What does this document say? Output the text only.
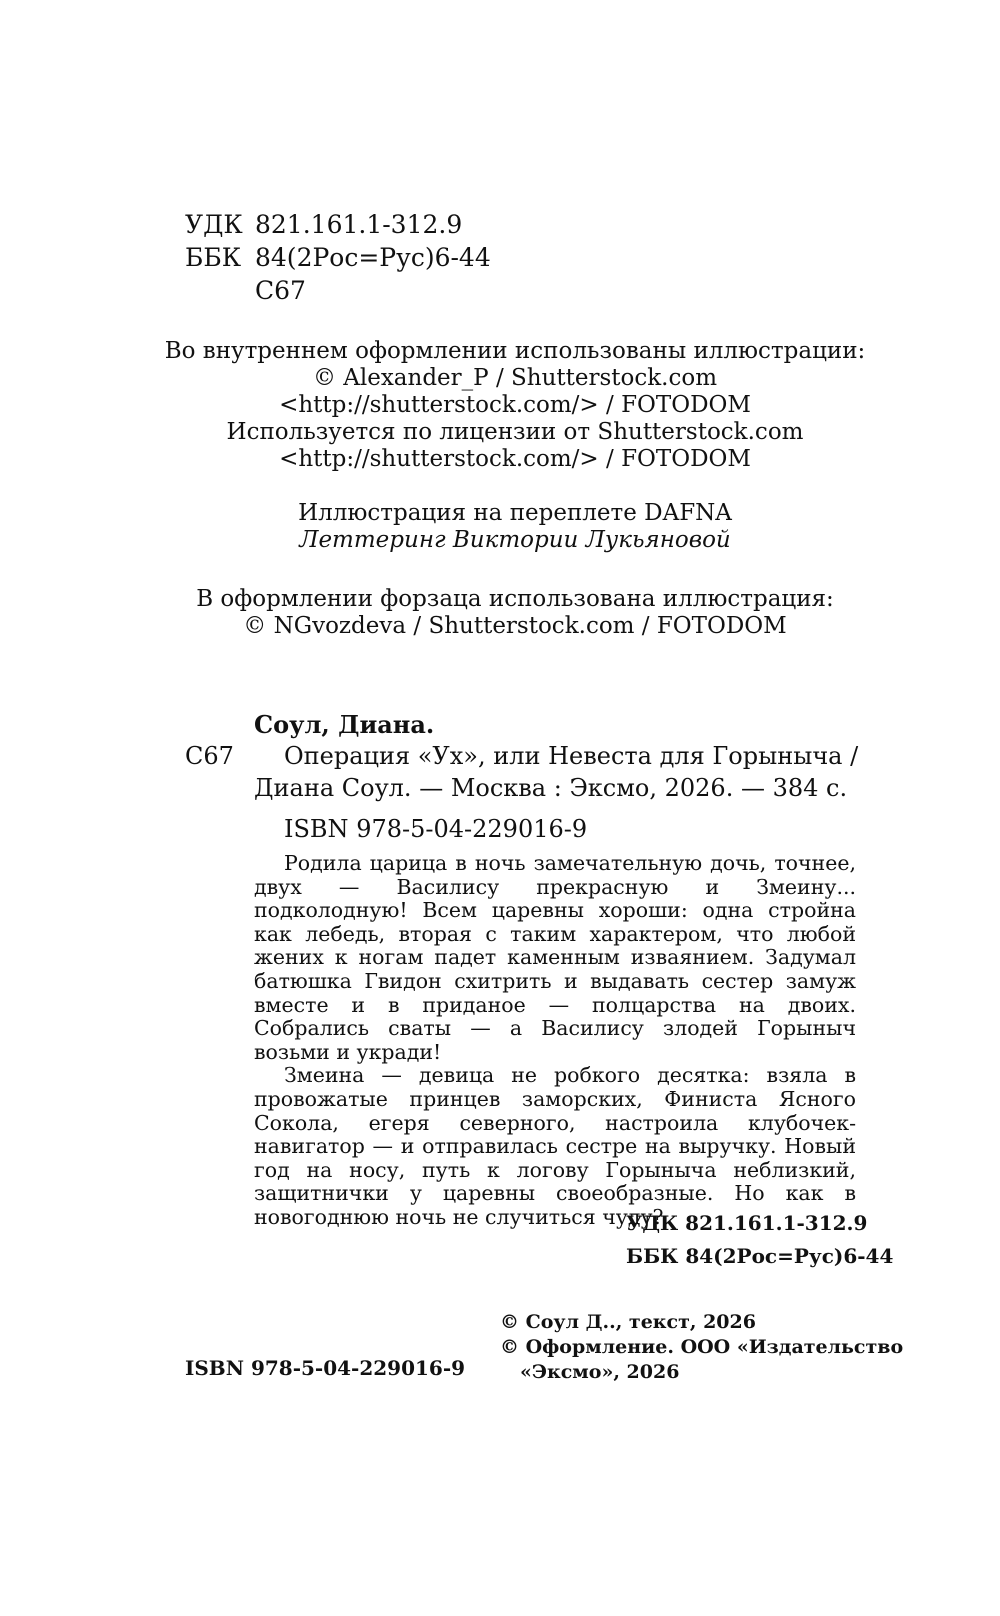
УДК 821.161.1-312.9
ББК 84(2Рос=Рус)6-44
С67
Во внутреннем оформлении использованы иллюстрации:
© Alexander_P / Shutterstock.com
<http://shutterstock.com/> / FOTODOM
Используется по лицензии от Shutterstock.com
<http://shutterstock.com/> / FOTODOM
Иллюстрация на переплете DAFNA
Леттеринг Виктории Лукьяновой
В оформлении форзаца использована иллюстрация:
© NGvozdeva / Shutterstock.com / FOTODOM
Соул, Диана.
С67 Операция «Ух», или Невеста для Горыныча /
Диана Соул. — Москва : Эксмо, 2026. — 384 с.
ISBN 978-5-04-229016-9

Родила царица в ночь замечательную дочь, точнее, двух — Василису прекрасную и Змеину... подколодную! Всем царевны хороши: одна стройна как лебедь, вторая с таким характером, что любой жених к ногам падет каменным изваянием. Задумал батюшка Гвидон схитрить и выдавать сестер замуж вместе и в приданое — полцарства на двоих. Собрались сваты — а Василису злодей Горыныч возьми и укради!

Змеина — девица не робкого десятка: взяла в провожатые принцев заморских, Финиста Ясного Сокола, егеря северного, настроила клубочек-навигатор — и отправилась сестре на выручку. Новый год на носу, путь к логову Горыныча неблизкий, защитнички у царевны своеобразные. Но как в новогоднюю ночь не случиться чуду?

УДК 821.161.1-312.9
ББК 84(2Рос=Рус)6-44
ISBN 978-5-04-229016-9
© Соул Д.., текст, 2026
© Оформление. ООО «Издательство
«Эксмо», 2026
